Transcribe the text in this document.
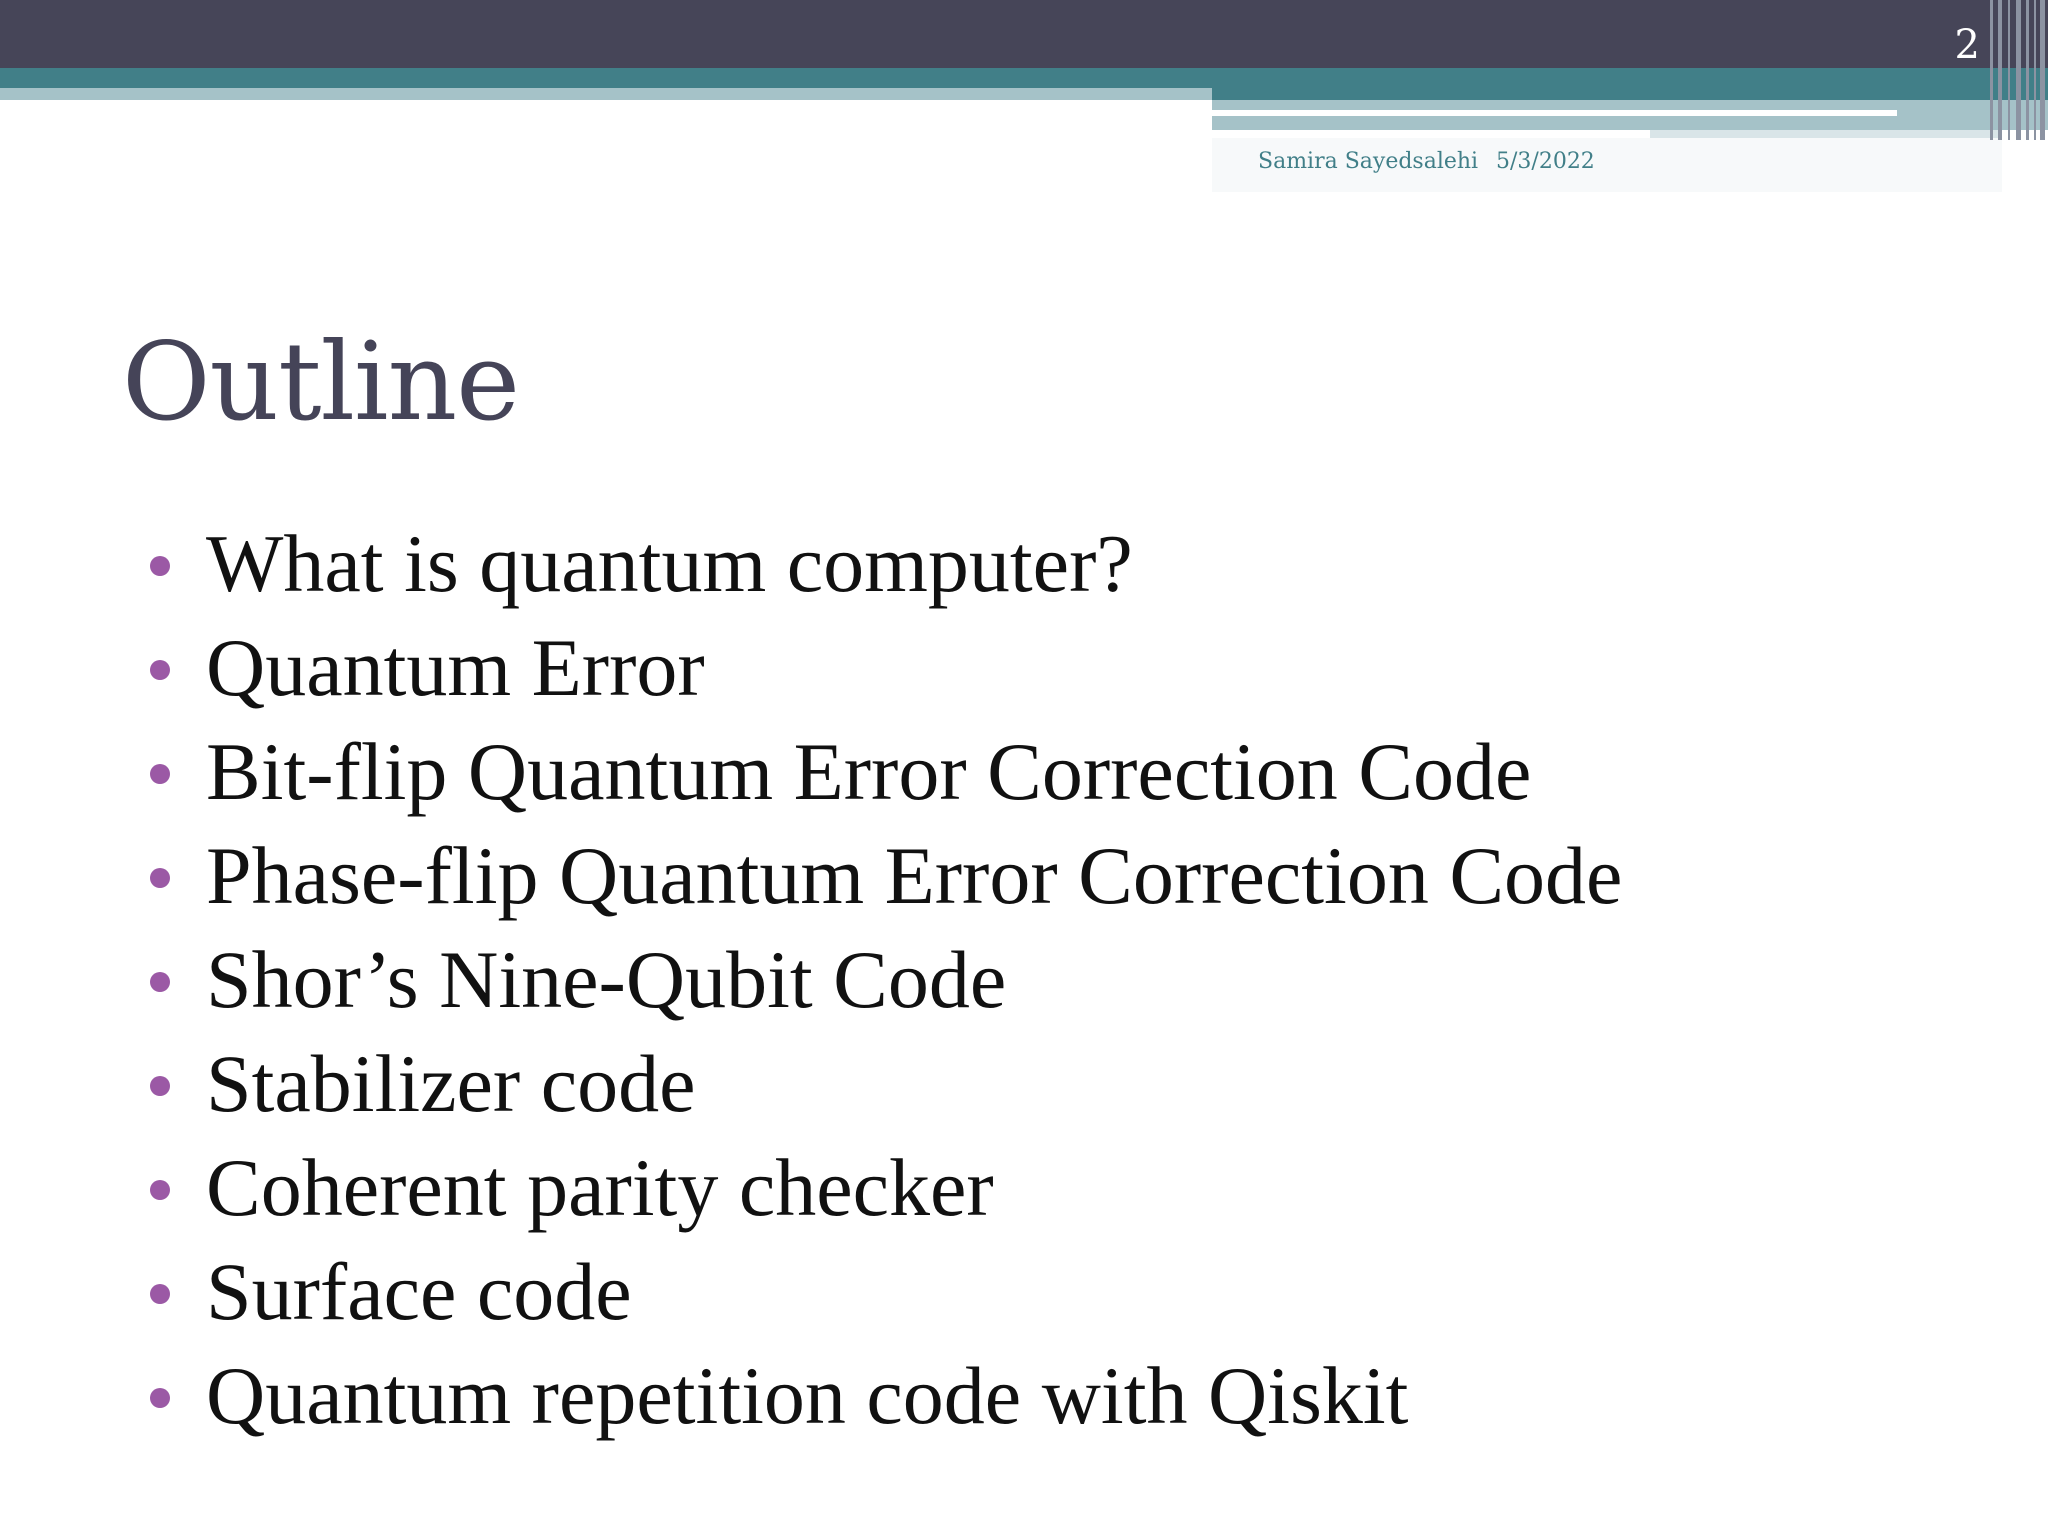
2
Samira Sayedsalehi 5/3/2022
Outline
What is quantum computer?
Quantum Error
Bit-flip Quantum Error Correction Code
Phase-flip Quantum Error Correction Code
Shor’s Nine-Qubit Code
Stabilizer code
Coherent parity checker
Surface code
Quantum repetition code with Qiskit
